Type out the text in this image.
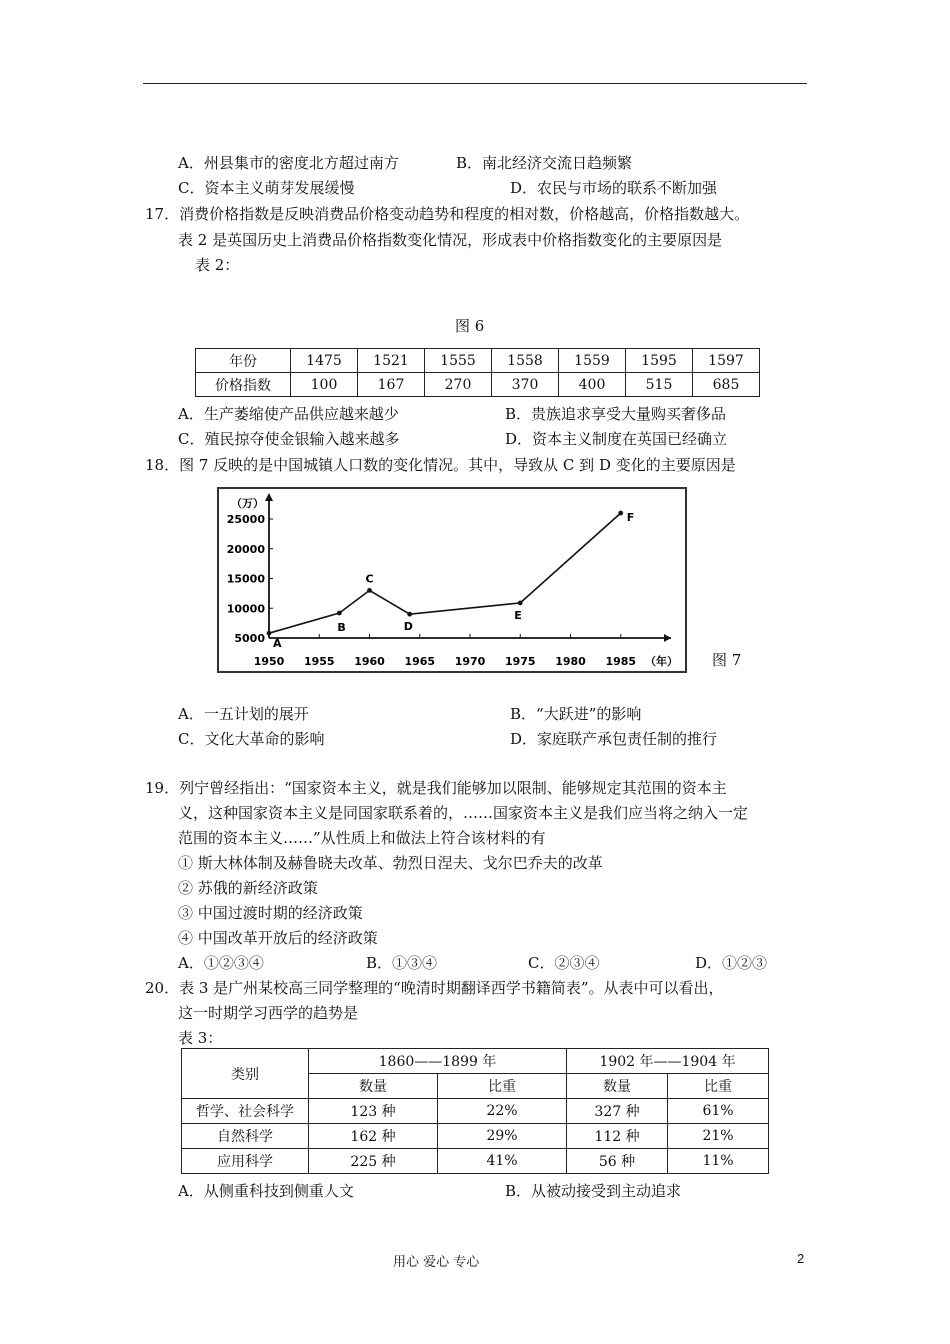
A．州县集市的密度北方超过南方	B．南北经济交流日趋频繁
C．资本主义萌芽发展缓慢	D．农民与市场的联系不断加强
17．消费价格指数是反映消费品价格变动趋势和程度的相对数，价格越高，价格指数越大。
表 2 是英国历史上消费品价格指数变化情况，形成表中价格指数变化的主要原因是
表 2：
图 6
年份	1475	1521	1555	1558	1559	1595	1597
价格指数	100	167	270	370	400	515	685
A．生产萎缩使产品供应越来越少	B．贵族追求享受大量购买奢侈品
C．殖民掠夺使金银输入越来越多	D．资本主义制度在英国已经确立
18．图 7 反映的是中国城镇人口数的变化情况。其中，导致从 C 到 D 变化的主要原因是
（万）
（年）
5000
10000
15000
20000
25000
1950 1955 1960 1965 1970 1975 1980 1985
A
B
C
D
E
F
图 7
A．一五计划的展开	B．“大跃进”的影响
C．文化大革命的影响	D．家庭联产承包责任制的推行
19．列宁曾经指出：“国家资本主义，就是我们能够加以限制、能够规定其范围的资本主
义，这种国家资本主义是同国家联系着的，……国家资本主义是我们应当将之纳入一定
范围的资本主义……”从性质上和做法上符合该材料的有
① 斯大林体制及赫鲁晓夫改革、勃烈日涅夫、戈尔巴乔夫的改革
② 苏俄的新经济政策
③ 中国过渡时期的经济政策
④ 中国改革开放后的经济政策
A．①②③④	B．①③④	C．②③④	D．①②③
20．表 3 是广州某校高三同学整理的“晚清时期翻译西学书籍简表”。从表中可以看出，
这一时期学习西学的趋势是
表 3：
类别	1860——1899 年		1902 年——1904 年	
	数量	比重	数量	比重
哲学、社会科学	123 种	22%	327 种	61%
自然科学	162 种	29%	112 种	21%
应用科学	225 种	41%	56 种	11%
A．从侧重科技到侧重人文	B．从被动接受到主动追求
用心 爱心 专心	2
